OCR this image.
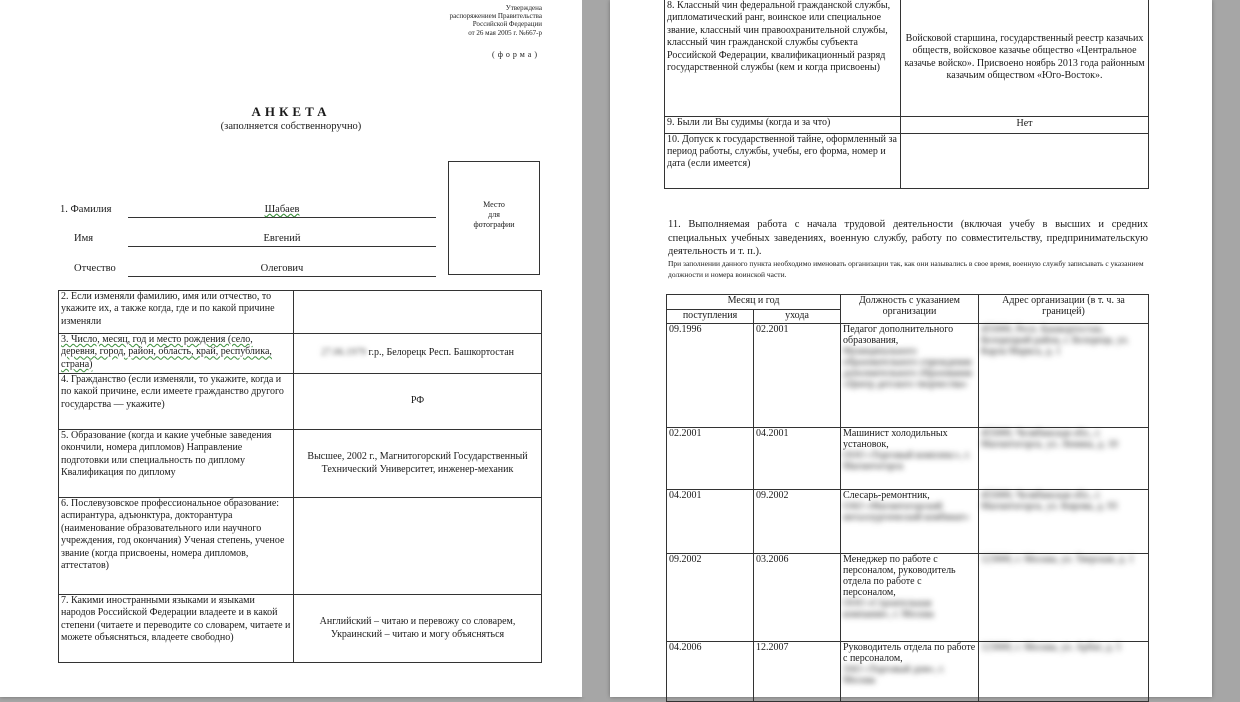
Утверждена
распоряжением Правительства
Российской Федерации
от 26 мая 2005 г. №667-р
(форма)
АНКЕТА
(заполняется собственноручно)
Место
для
фотографии
1. Фамилия	Шабаев
Имя	Евгений
Отчество	Олегович
2. Если изменяли фамилию, имя или отчество, то укажите их, а также когда, где и по какой причине изменяли	
3. Число, месяц, год и место рождения (село, деревня, город, район, область, край, республика, страна)	27.06.1979 г.р., Белорецк Респ. Башкортостан
4. Гражданство (если изменяли, то укажите, когда и по какой причине, если имеете гражданство другого государства — укажите)	РФ
5. Образование (когда и какие учебные заведения окончили, номера дипломов) Направление подготовки или специальность по диплому Квалификация по диплому	Высшее, 2002 г., Магнитогорский Государственный Технический Университет, инженер-механик
6. Послевузовское профессиональное образование: аспирантура, адъюнктура, докторантура (наименование образовательного или научного учреждения, год окончания) Ученая степень, ученое звание (когда присвоены, номера дипломов, аттестатов)	
7. Какими иностранными языками и языками народов Российской Федерации владеете и в какой степени (читаете и переводите со словарем, читаете и можете объясняться, владеете свободно)	Английский – читаю и перевожу со словарем, Украинский – читаю и могу объясняться
8. Классный чин федеральной гражданской службы, дипломатический ранг, воинское или специальное звание, классный чин правоохранительной службы, классный чин гражданской службы субъекта Российской Федерации, квалификационный разряд государственной службы (кем и когда присвоены)	Войсковой старшина, государственный реестр казачьих обществ, войсковое казачье общество «Центральное казачье войско». Присвоено ноябрь 2013 года районным казачьим обществом «Юго-Восток».
9. Были ли Вы судимы (когда и за что)	Нет
10. Допуск к государственной тайне, оформленный за период работы, службы, учебы, его форма, номер и дата (если имеется)	
11. Выполняемая работа с начала трудовой деятельности (включая учебу в высших и средних специальных учебных заведениях, военную службу, работу по совместительству, предпринимательскую деятельность и т. п.).
При заполнении данного пункта необходимо именовать организации так, как они назывались в свое время, военную службу записывать с указанием должности и номера воинской части.
Месяц и год		Должность с указанием организации	Адрес организации (в т. ч. за границей)
поступления	ухода		
09.1996	02.2001	Педагог дополнительного образования,
Муниципального образовательного учреждения дополнительного образования «Центр детского творчества»	455000, Респ. Башкортостан, Белорецкий район, г. Белорецк, ул. Карла Маркса, д. 1
02.2001	04.2001	Машинист холодильных установок,
ООО «Торговый комплекс», г. Магнитогорск	455000, Челябинская обл., г. Магнитогорск, ул. Ленина, д. 10
04.2001	09.2002	Слесарь-ремонтник,
ОАО «Магнитогорский металлургический комбинат»	455000, Челябинская обл., г. Магнитогорск, ул. Кирова, д. 93
09.2002	03.2006	Менеджер по работе с персоналом, руководитель отдела по работе с персоналом,
ООО «Строительная компания», г. Москва	123000, г. Москва, ул. Тверская, д. 1
04.2006	12.2007	Руководитель отдела по работе с персоналом,
ЗАО «Торговый дом», г. Москва	123000, г. Москва, ул. Арбат, д. 5
